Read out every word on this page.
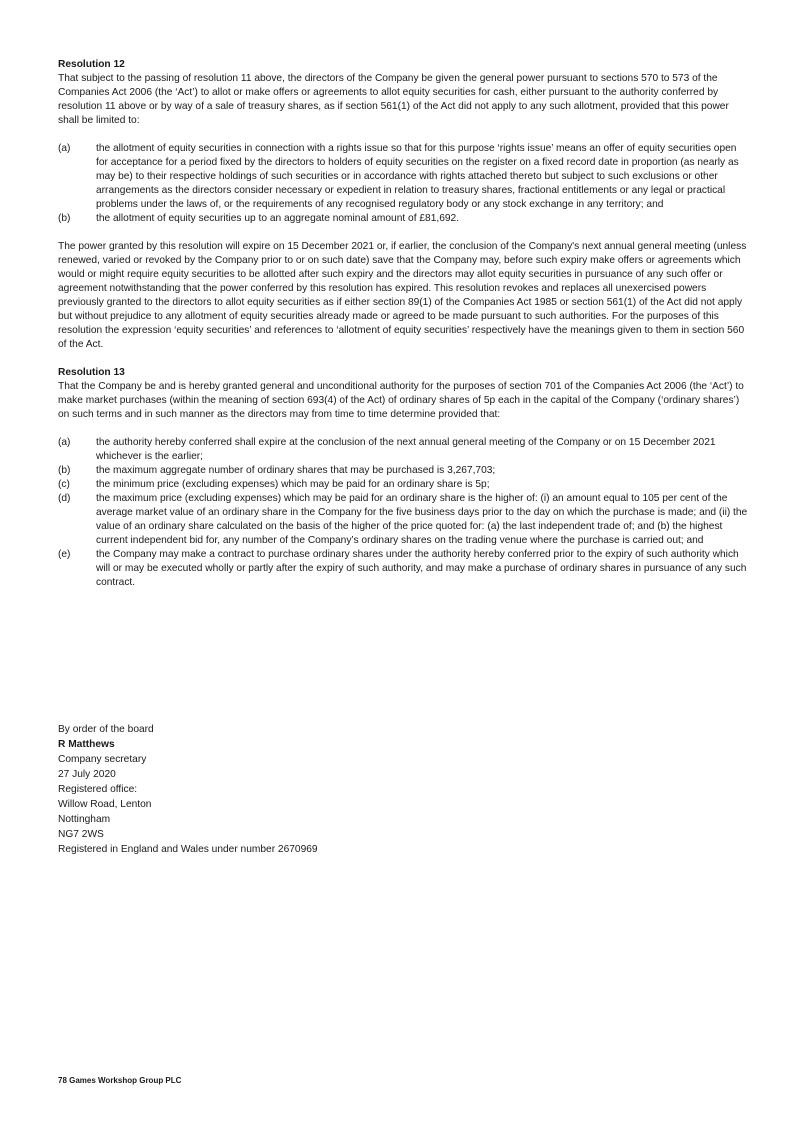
Resolution 12

That subject to the passing of resolution 11 above, the directors of the Company be given the general power pursuant to sections 570 to 573 of the Companies Act 2006 (the ‘Act’) to allot or make offers or agreements to allot equity securities for cash, either pursuant to the authority conferred by resolution 11 above or by way of a sale of treasury shares, as if section 561(1) of the Act did not apply to any such allotment, provided that this power shall be limited to:

(a)	the allotment of equity securities in connection with a rights issue so that for this purpose ‘rights issue’ means an offer of equity securities open for acceptance for a period fixed by the directors to holders of equity securities on the register on a fixed record date in proportion (as nearly as may be) to their respective holdings of such securities or in accordance with rights attached thereto but subject to such exclusions or other arrangements as the directors consider necessary or expedient in relation to treasury shares, fractional entitlements or any legal or practical problems under the laws of, or the requirements of any recognised regulatory body or any stock exchange in any territory; and
(b)	the allotment of equity securities up to an aggregate nominal amount of £81,692.

The power granted by this resolution will expire on 15 December 2021 or, if earlier, the conclusion of the Company's next annual general meeting (unless renewed, varied or revoked by the Company prior to or on such date) save that the Company may, before such expiry make offers or agreements which would or might require equity securities to be allotted after such expiry and the directors may allot equity securities in pursuance of any such offer or agreement notwithstanding that the power conferred by this resolution has expired. This resolution revokes and replaces all unexercised powers previously granted to the directors to allot equity securities as if either section 89(1) of the Companies Act 1985 or section 561(1) of the Act did not apply but without prejudice to any allotment of equity securities already made or agreed to be made pursuant to such authorities. For the purposes of this resolution the expression ‘equity securities’ and references to ‘allotment of equity securities’ respectively have the meanings given to them in section 560 of the Act.

Resolution 13

That the Company be and is hereby granted general and unconditional authority for the purposes of section 701 of the Companies Act 2006 (the ‘Act’) to make market purchases (within the meaning of section 693(4) of the Act) of ordinary shares of 5p each in the capital of the Company (‘ordinary shares’) on such terms and in such manner as the directors may from time to time determine provided that:

(a)	the authority hereby conferred shall expire at the conclusion of the next annual general meeting of the Company or on 15 December 2021 whichever is the earlier;
(b)	the maximum aggregate number of ordinary shares that may be purchased is 3,267,703;
(c)	the minimum price (excluding expenses) which may be paid for an ordinary share is 5p;
(d)	the maximum price (excluding expenses) which may be paid for an ordinary share is the higher of: (i) an amount equal to 105 per cent of the average market value of an ordinary share in the Company for the five business days prior to the day on which the purchase is made; and (ii) the value of an ordinary share calculated on the basis of the higher of the price quoted for: (a) the last independent trade of; and (b) the highest current independent bid for, any number of the Company’s ordinary shares on the trading venue where the purchase is carried out; and
(e)	the Company may make a contract to purchase ordinary shares under the authority hereby conferred prior to the expiry of such authority which will or may be executed wholly or partly after the expiry of such authority, and may make a purchase of ordinary shares in pursuance of any such contract.
By order of the board
R Matthews
Company secretary
27 July 2020
Registered office:
Willow Road, Lenton
Nottingham
NG7 2WS
Registered in England and Wales under number 2670969
78 Games Workshop Group PLC
